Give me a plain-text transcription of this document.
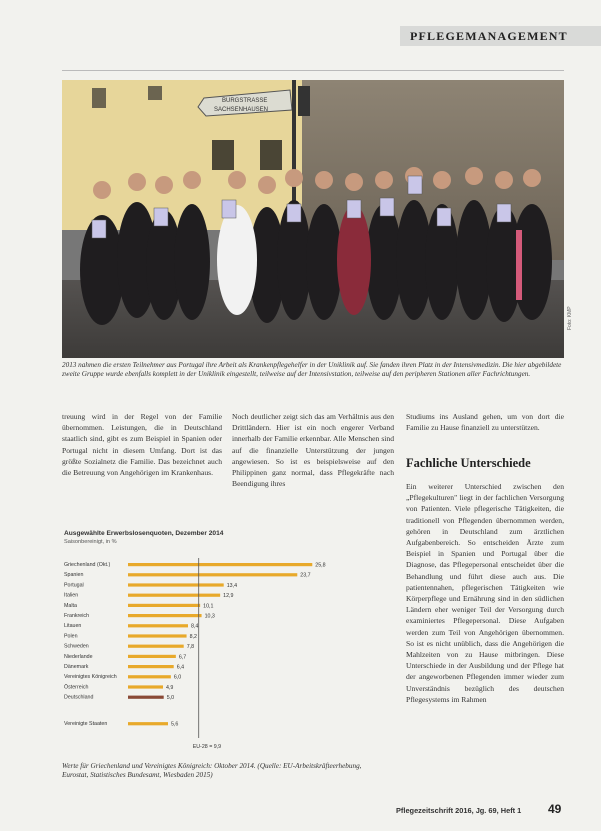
PFLEGEMANAGEMENT
BURGSTRASSE
SACHSENHAUSEN
Foto: KMP
2013 nahmen die ersten Teilnehmer aus Portugal ihre Arbeit als Krankenpflegehelfer in der Uniklinik auf. Sie fanden ihren Platz in der Intensivmedizin. Die hier abgebildete zweite Gruppe wurde ebenfalls komplett in der Uniklinik eingestellt, teilweise auf der Intensivstation, teilweise auf den peripheren Stationen aller Fachrichtungen.
treuung wird in der Regel von der Familie übernommen. Leistungen, die in Deutschland staatlich sind, gibt es zum Beispiel in Spanien oder Portugal nicht in diesem Umfang. Dort ist das größte Sozialnetz die Familie. Das bezeichnet auch die Betreuung von Angehörigen im Krankenhaus.
Noch deutlicher zeigt sich das am Verhältnis aus den Drittländern. Hier ist ein noch engerer Verband innerhalb der Familie erkennbar. Alle Menschen sind auf die finanzielle Unterstützung der jungen angewiesen. So ist es beispielsweise auf den Philippinen ganz normal, dass Pflegekräfte nach Beendigung ihres
Studiums ins Ausland gehen, um von dort die Familie zu Hause finanziell zu unterstützen.
Fachliche Unterschiede
Ein weiterer Unterschied zwischen den „Pflegekulturen" liegt in der fachlichen Versorgung von Patienten. Viele pflegerische Tätigkeiten, die traditionell von Pflegenden übernommen werden, gehören in Deutschland zum ärztlichen Aufgabenbereich. So entscheiden Ärzte zum Beispiel in Spanien und Portugal über die Diagnose, das Pflegepersonal entscheidet über die Behandlung und führt diese auch aus. Die patientennahen, pflegerischen Tätigkeiten wie Körperpflege und Ernährung sind in den südlichen Ländern eher weniger Teil der Versorgung durch examiniertes Pflegepersonal. Diese Aufgaben werden zum Teil von Angehörigen übernommen. So ist es nicht unüblich, dass die Angehörigen die Mahlzeiten von zu Hause mitbringen. Diese Unterschiede in der Ausbildung und der Pflege hat der angeworbenen Pflegenden immer wieder zum Unverständnis bezüglich des deutschen Pflegesystems im Rahmen
Ausgewählte Erwerbslosenquoten, Dezember 2014
Saisonbereinigt, in %
Griechenland (Okt.)	25,8
Spanien	23,7
Portugal	13,4
Italien	12,9
Malta	10,1
Frankreich	10,3
Litauen	8,4
Polen	8,2
Schweden	7,8
Niederlande	6,7
Dänemark	6,4
Vereinigtes Königreich	6,0
Österreich	4,9
Deutschland	5,0
Vereinigte Staaten	5,6
EU-28 = 9,9
Werte für Griechenland und Vereinigtes Königreich: Oktober 2014. (Quelle: EU-Arbeitskräfteerhebung, Eurostat, Statistisches Bundesamt, Wiesbaden 2015)
Pflegezeitschrift 2016, Jg. 69, Heft 1 49
